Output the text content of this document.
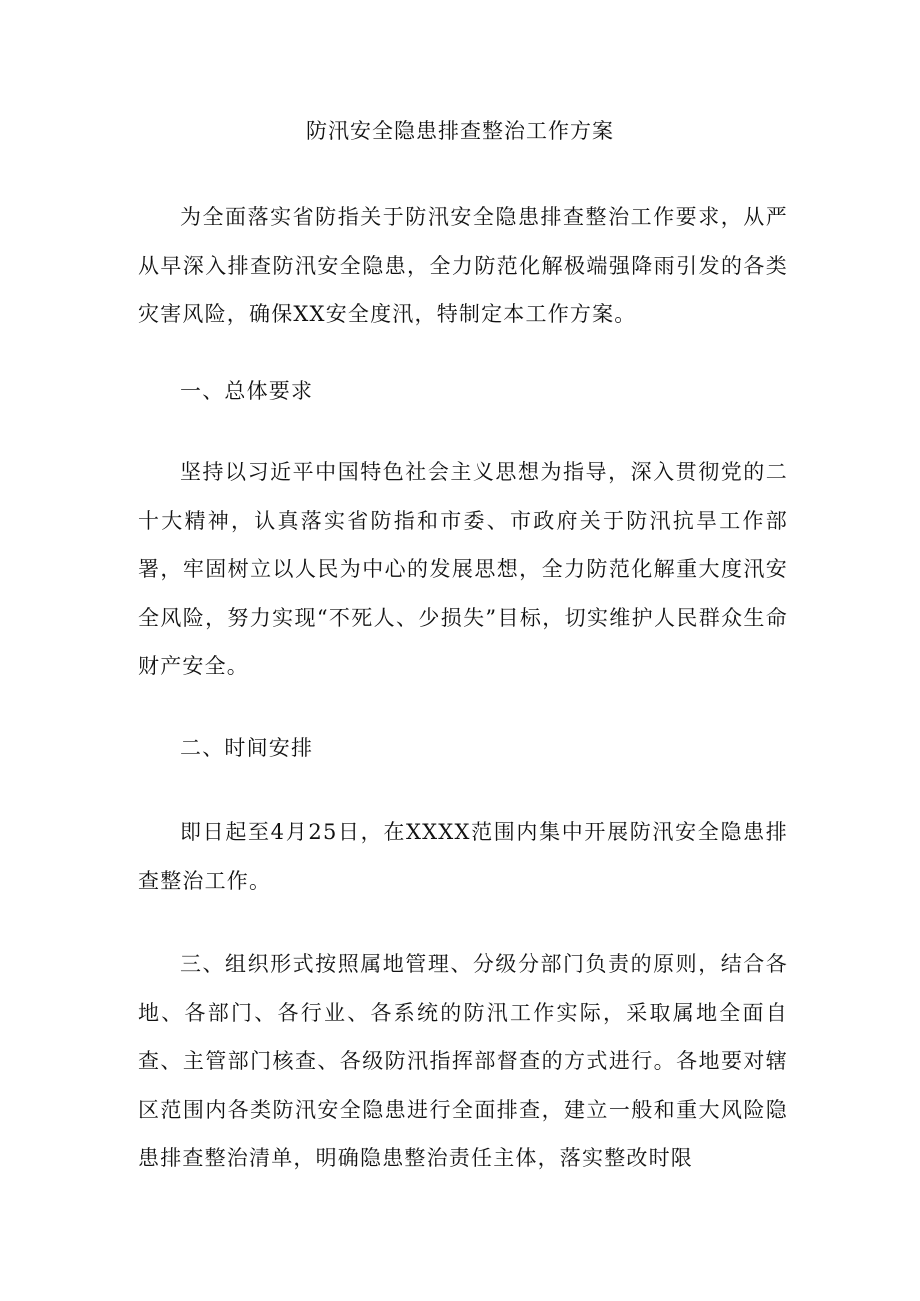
防汛安全隐患排查整治工作方案

为全面落实省防指关于防汛安全隐患排查整治工作要求，从严从早深入排查防汛安全隐患，全力防范化解极端强降雨引发的各类灾害风险，确保XX安全度汛，特制定本工作方案。

一、总体要求

坚持以习近平中国特色社会主义思想为指导，深入贯彻党的二十大精神，认真落实省防指和市委、市政府关于防汛抗旱工作部署，牢固树立以人民为中心的发展思想，全力防范化解重大度汛安全风险，努力实现“不死人、少损失”目标，切实维护人民群众生命财产安全。

二、时间安排

即日起至4月25日，在XXXX范围内集中开展防汛安全隐患排查整治工作。

三、组织形式按照属地管理、分级分部门负责的原则，结合各地、各部门、各行业、各系统的防汛工作实际，采取属地全面自查、主管部门核查、各级防汛指挥部督查的方式进行。各地要对辖区范围内各类防汛安全隐患进行全面排查，建立一般和重大风险隐患排查整治清单，明确隐患整治责任主体，落实整改时限
